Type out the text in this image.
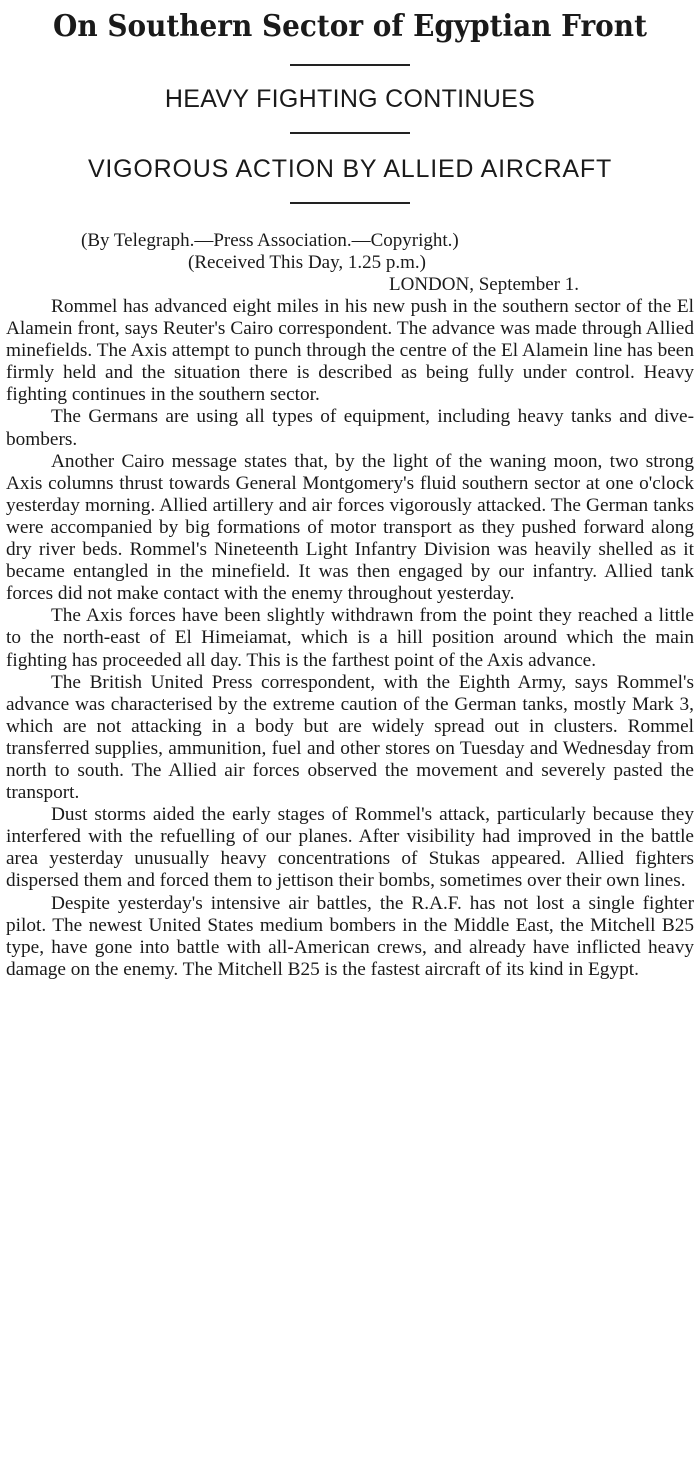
On Southern Sector of Egyptian Front
HEAVY FIGHTING CONTINUES
VIGOROUS ACTION BY ALLIED AIRCRAFT
(By Telegraph.—Press Association.—Copyright.)
(Received This Day, 1.25 p.m.)
LONDON, September 1.

Rommel has advanced eight miles in his new push in the southern sector of the El Alamein front, says Reuter's Cairo correspondent. The advance was made through Allied minefields. The Axis attempt to punch through the centre of the El Alamein line has been firmly held and the situation there is described as being fully under control. Heavy fighting continues in the southern sector.

The Germans are using all types of equipment, including heavy tanks and dive-bombers.

Another Cairo message states that, by the light of the waning moon, two strong Axis columns thrust towards General Montgomery's fluid southern sector at one o'clock yesterday morning. Allied artillery and air forces vigorously attacked. The German tanks were accompanied by big formations of motor transport as they pushed forward along dry river beds. Rommel's Nineteenth Light Infantry Division was heavily shelled as it became entangled in the minefield. It was then engaged by our infantry. Allied tank forces did not make contact with the enemy throughout yesterday.

The Axis forces have been slightly withdrawn from the point they reached a little to the north-east of El Himeiamat, which is a hill position around which the main fighting has proceeded all day. This is the farthest point of the Axis advance.

The British United Press correspondent, with the Eighth Army, says Rommel's advance was characterised by the extreme caution of the German tanks, mostly Mark 3, which are not attacking in a body but are widely spread out in clusters. Rommel transferred supplies, ammunition, fuel and other stores on Tuesday and Wednesday from north to south. The Allied air forces observed the movement and severely pasted the transport.

Dust storms aided the early stages of Rommel's attack, particularly because they interfered with the refuelling of our planes. After visibility had improved in the battle area yesterday unusually heavy concentrations of Stukas appeared. Allied fighters dispersed them and forced them to jettison their bombs, sometimes over their own lines.

Despite yesterday's intensive air battles, the R.A.F. has not lost a single fighter pilot. The newest United States medium bombers in the Middle East, the Mitchell B25 type, have gone into battle with all-American crews, and already have inflicted heavy damage on the enemy. The Mitchell B25 is the fastest aircraft of its kind in Egypt.
